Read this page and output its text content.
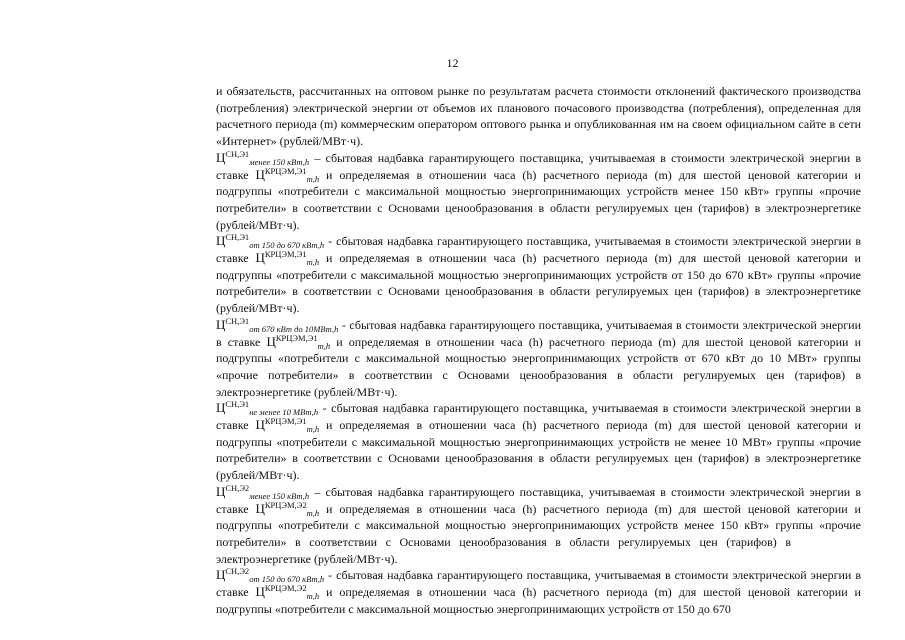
12

и обязательств, рассчитанных на оптовом рынке по результатам расчета стоимости отклонений фактического производства (потребления) электрической энергии от объемов их планового почасового производства (потребления), определенная для расчетного периода (m) коммерческим оператором оптового рынка и опубликованная им на своем официальном сайте в сети «Интернет» (рублей/МВт·ч).

$Ц^{СН,Э1}_{менее 150 кВт,h}$ – сбытовая надбавка гарантирующего поставщика, учитываемая в стоимости электрической энергии в ставке $Ц^{КРЦЭМ,Э1}_{m,h}$ и определяемая в отношении часа (h) расчетного периода (m) для шестой ценовой категории и подгруппы «потребители с максимальной мощностью энергопринимающих устройств менее 150 кВт» группы «прочие потребители» в соответствии с Основами ценообразования в области регулируемых цен (тарифов) в электроэнергетике (рублей/МВт·ч).

$Ц^{СН,Э1}_{от 150 до 670 кВт,h}$ - сбытовая надбавка гарантирующего поставщика, учитываемая в стоимости электрической энергии в ставке $Ц^{КРЦЭМ,Э1}_{m,h}$ и определяемая в отношении часа (h) расчетного периода (m) для шестой ценовой категории и подгруппы «потребители с максимальной мощностью энергопринимающих устройств от 150 до 670 кВт» группы «прочие потребители» в соответствии с Основами ценообразования в области регулируемых цен (тарифов) в электроэнергетике (рублей/МВт·ч).

$Ц^{СН,Э1}_{от 670 кВт до 10МВт,h}$ - сбытовая надбавка гарантирующего поставщика, учитываемая в стоимости электрической энергии в ставке $Ц^{КРЦЭМ,Э1}_{m,h}$ и определяемая в отношении часа (h) расчетного периода (m) для шестой ценовой категории и подгруппы «потребители с максимальной мощностью энергопринимающих устройств от 670 кВт до 10 МВт» группы «прочие потребители» в соответствии с Основами ценообразования в области регулируемых цен (тарифов) в электроэнергетике (рублей/МВт·ч).

$Ц^{СН,Э1}_{не менее 10 МВт,h}$ - сбытовая надбавка гарантирующего поставщика, учитываемая в стоимости электрической энергии в ставке $Ц^{КРЦЭМ,Э1}_{m,h}$ и определяемая в отношении часа (h) расчетного периода (m) для шестой ценовой категории и подгруппы «потребители с максимальной мощностью энергопринимающих устройств не менее 10 МВт» группы «прочие потребители» в соответствии с Основами ценообразования в области регулируемых цен (тарифов) в электроэнергетике (рублей/МВт·ч).

$Ц^{СН,Э2}_{менее 150 кВт,h}$ – сбытовая надбавка гарантирующего поставщика, учитываемая в стоимости электрической энергии в ставке $Ц^{КРЦЭМ,Э2}_{m,h}$ и определяемая в отношении часа (h) расчетного периода (m) для шестой ценовой категории и подгруппы «потребители с максимальной мощностью энергопринимающих устройств менее 150 кВт» группы «прочие потребители» в соответствии с Основами ценообразования в области регулируемых цен (тарифов) вэлектроэнергетике (рублей/МВт·ч).

$Ц^{СН,Э2}_{от 150 до 670 кВт,h}$ - сбытовая надбавка гарантирующего поставщика, учитываемая в стоимости электрической энергии в ставке $Ц^{КРЦЭМ,Э2}_{m,h}$ и определяемая в отношении часа (h) расчетного периода (m) для шестой ценовой категории и подгруппы «потребители с максимальной мощностью энергопринимающих устройств от 150 до 670
